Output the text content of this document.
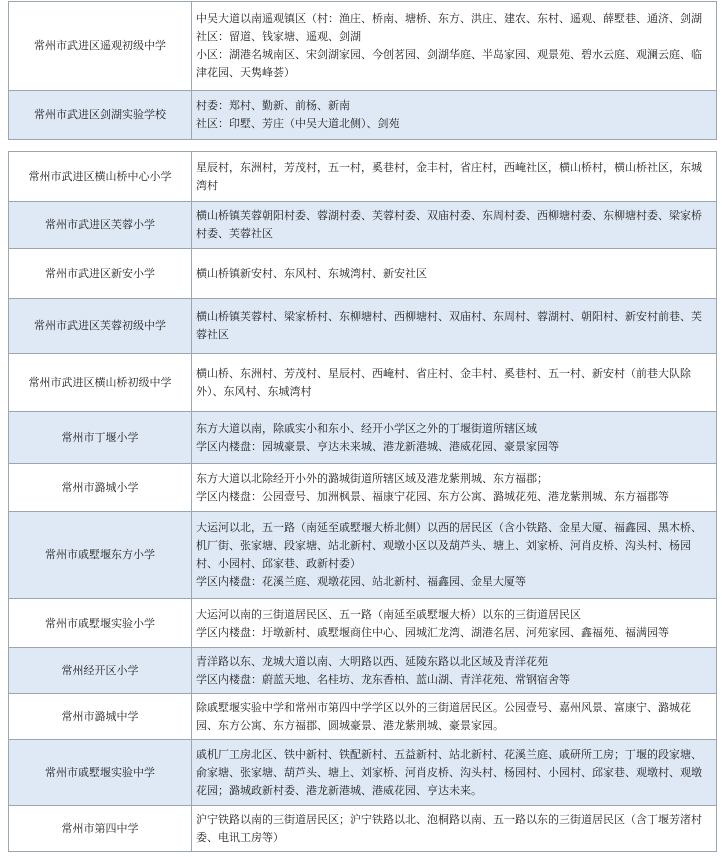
常州市武进区遥观初级中学	中吴大道以南遥观镇区（村：渔庄、桥南、塘桥、东方、洪庄、建农、东村、遥观、薛墅巷、通济、剑湖
社区：留道、钱家塘、遥观、剑湖
小区：湖港名城南区、宋剑湖家园、今创茗园、剑湖华庭、半岛家园、观景苑、碧水云庭、观澜云庭、临津花园、天隽峰荟）

常州市武进区剑湖实验学校	村委：郑村、勤新、前杨、新南
社区：印墅、芳庄（中吴大道北侧）、剑苑
常州市武进区横山桥中心小学	星辰村，东洲村，芳茂村，五一村，奚巷村，金丰村，省庄村，西崦社区，横山桥村，横山桥社区，东城湾村

常州市武进区芙蓉小学	横山桥镇芙蓉朝阳村委、蓉湖村委、芙蓉村委、双庙村委、东周村委、西柳塘村委、东柳塘村委、梁家桥村委、芙蓉社区

常州市武进区新安小学	横山桥镇新安村、东风村、东城湾村、新安社区

常州市武进区芙蓉初级中学	横山桥镇芙蓉村、梁家桥村、东柳塘村、西柳塘村、双庙村、东周村、蓉湖村、朝阳村、新安村前巷、芙蓉社区

常州市武进区横山桥初级中学	横山桥、东洲村、芳茂村、星辰村、西崦村、省庄村、金丰村、奚巷村、五一村、新安村（前巷大队除外）、东风村、东城湾村

常州市丁堰小学	东方大道以南，除戚实小和东小、经开小学区之外的丁堰街道所辖区域
学区内楼盘：园城豪景、亨达未来城、港龙新港城、港威花园、豪景家园等

常州市潞城小学	东方大道以北除经开小外的潞城街道所辖区域及港龙紫荆城、东方福郡；
学区内楼盘：公园壹号、加洲枫景、福康宁花园、东方公寓、潞城花苑、港龙紫荆城、东方福郡等

常州市戚墅堰东方小学	大运河以北，五一路（南延至戚墅堰大桥北侧）以西的居民区（含小铁路、金星大厦、福鑫园、黑木桥、机厂街、张家塘、段家塘、站北新村、观墩小区以及葫芦头、塘上、刘家桥、河肖皮桥、沟头村、杨园村、小园村、邱家巷、政新村委）
学区内楼盘：花溪兰庭、观墩花园、站北新村、福鑫园、金星大厦等

常州市戚墅堰实验小学	大运河以南的三街道居民区、五一路（南延至戚墅堰大桥）以东的三街道居民区
学区内楼盘：圩墩新村、戚墅堰商住中心、园城汇龙湾、湖港名居、河苑家园、鑫福苑、福满园等
常州经开区小学	青洋路以东、龙城大道以南、大明路以西、延陵东路以北区域及青洋花苑
学区内楼盘：蔚蓝天地、名桂坊、龙东香柏、蓝山湖、青洋花苑、常钢宿舍等

常州市潞城中学	除戚墅堰实验中学和常州市第四中学学区以外的三街道居民区。公园壹号、嘉州风景、富康宁、潞城花园、东方公寓、东方福郡、圆城豪景、港龙紫荆城、豪景家园。

常州市戚墅堰实验中学	戚机厂工房北区、铁中新村、铁配新村、五益新村、站北新村、花溪兰庭、戚研所工房；丁堰的段家塘、俞家塘、张家塘、葫芦头、塘上、刘家桥、河肖皮桥、沟头村、杨园村、小园村、邱家巷、观墩村、观墩花园；潞城政新村委、港龙新港城、港威花园、亨达未来。

常州市第四中学	沪宁铁路以南的三街道居民区；沪宁铁路以北、泡桐路以南、五一路以东的三街道居民区（含丁堰芳渚村委、电讯工房等）
